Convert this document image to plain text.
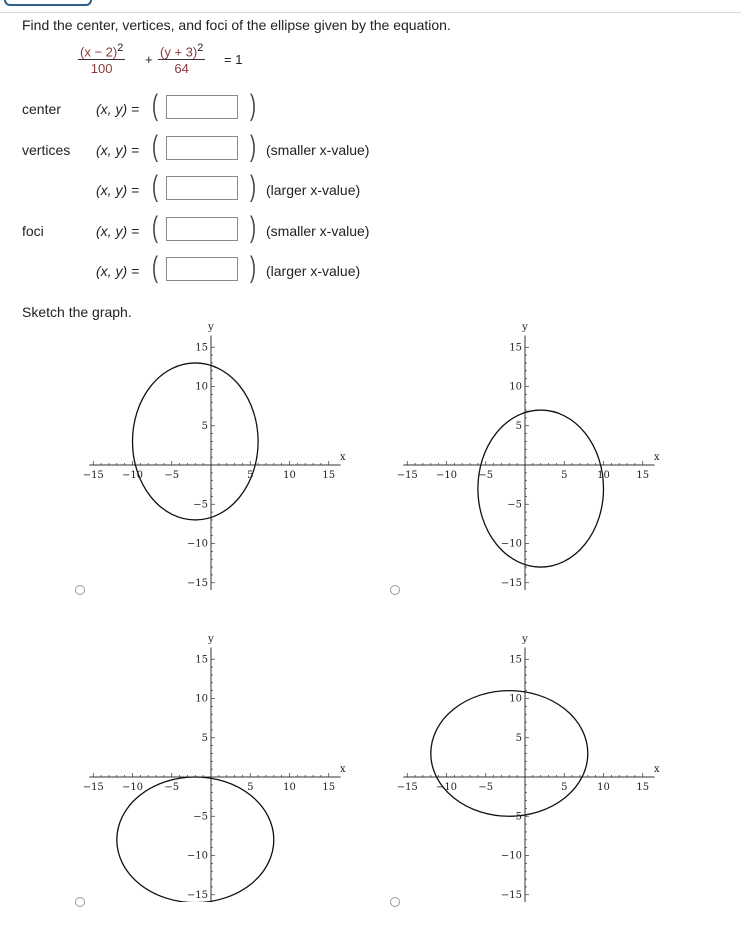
Find the center, vertices, and foci of the ellipse given by the equation.
$\frac{(x - 2)^2}{100} + \frac{(y + 3)^2}{64} = 1$
center	(x, y) = (	)
vertices (x, y) = (	) (smaller x-value)
(x, y) = (	) (larger x-value)
foci	(x, y) = (	) (smaller x-value)
(x, y) = (	) (larger x-value)
Sketch the graph.
−15 −10 −5	5	10	15
15
10
5
−5
−10
−15
x
y
−15 −10 −5	5	10	15
15
10
5
−5
−10
−15
x
y
−15 −10 −5	5	10	15
15
10
5
−5
−10
−15
x
y
−15 −10 −5	5	10	15
15
10
5
−5
−10
−15
x
y
